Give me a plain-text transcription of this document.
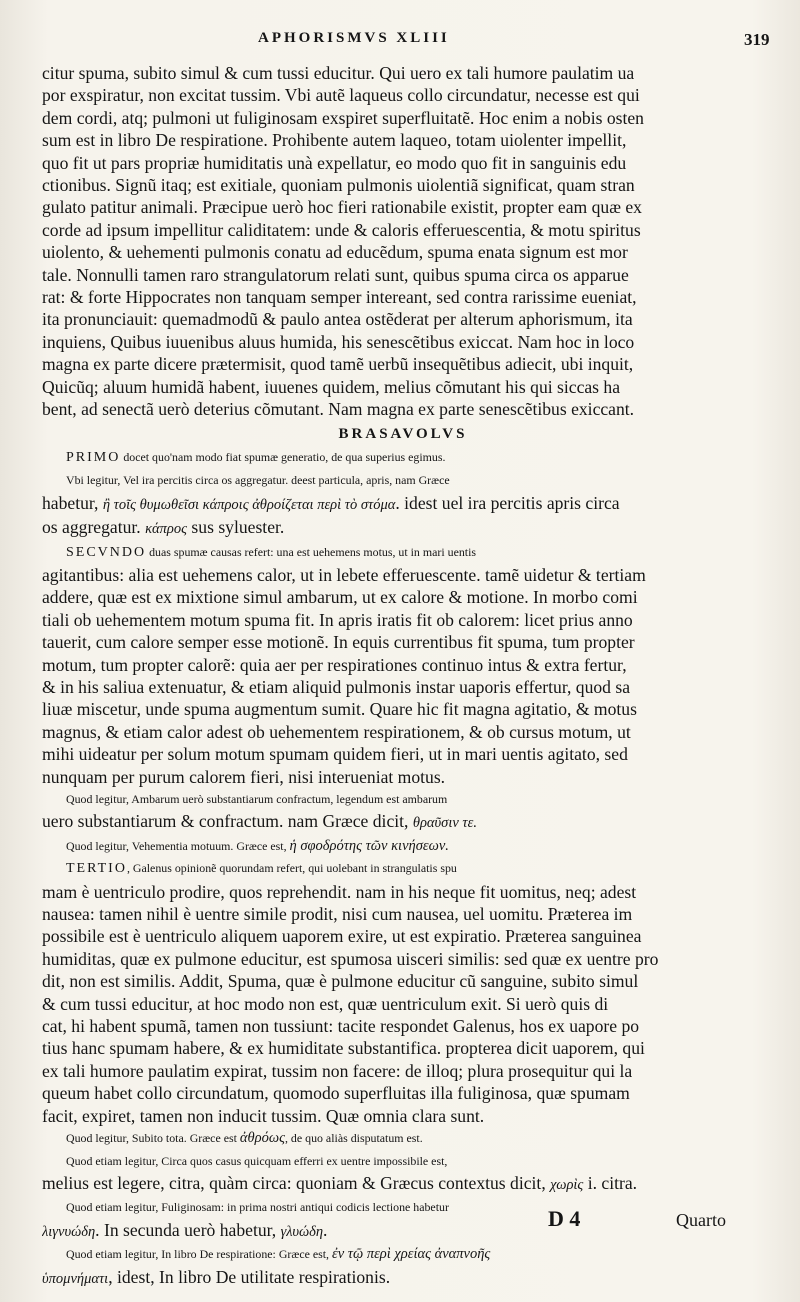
APHORISMVS XLIII	319

citur spuma, subito simul & cum tussi educitur. Qui uero ex tali humore paulatim ua
por exspiratur, non excitat tussim. Vbi autẽ laqueus collo circundatur, necesse est qui
dem cordi, atq; pulmoni ut fuliginosam exspiret superfluitatẽ. Hoc enim a nobis osten
sum est in libro De respiratione. Prohibente autem laqueo, totam uiolenter impellit,
quo fit ut pars propriæ humiditatis unà expellatur, eo modo quo fit in sanguinis edu
ctionibus. Signũ itaq; est exitiale, quoniam pulmonis uiolentiã significat, quam stran
gulato patitur animali. Præcipue uerò hoc fieri rationabile existit, propter eam quæ ex
corde ad ipsum impellitur caliditatem: unde & caloris efferuescentia, & motu spiritus
uiolento, & uehementi pulmonis conatu ad educẽdum, spuma enata signum est mor
tale. Nonnulli tamen raro strangulatorum relati sunt, quibus spuma circa os apparue
rat: & forte Hippocrates non tanquam semper intereant, sed contra rarissime eueniat,
ita pronunciauit: quemadmodũ & paulo antea ostẽderat per alterum aphorismum, ita
inquiens, Quibus iuuenibus aluus humida, his senescẽtibus exiccat. Nam hoc in loco
magna ex parte dicere prætermisit, quod tamẽ uerbũ insequẽtibus adiecit, ubi inquit,
Quicũq; aluum humidã habent, iuuenes quidem, melius cõmutant his qui siccas ha
bent, ad senectã uerò deterius cõmutant. Nam magna ex parte senescẽtibus exiccant.

BRASAVOLVS

PRIMO docet quo'nam modo fiat spumæ generatio, de qua superius egimus.

Vbi legitur, Vel ira percitis circa os aggregatur. deest particula, apris, nam Græce
habetur, ἢ τοῖς θυμωθεῖσι κάπροις ἀθροίζεται περὶ τὸ στόμα. idest uel ira percitis apris circa
os aggregatur. κάπρος sus syluester.

SECVNDO duas spumæ causas refert: una est uehemens motus, ut in mari uentis
agitantibus: alia est uehemens calor, ut in lebete efferuescente. tamẽ uidetur & tertiam
addere, quæ est ex mixtione simul ambarum, ut ex calore & motione. In morbo comi
tiali ob uehementem motum spuma fit. In apris iratis fit ob calorem: licet prius anno
tauerit, cum calore semper esse motionẽ. In equis currentibus fit spuma, tum propter
motum, tum propter calorẽ: quia aer per respirationes continuo intus & extra fertur,
& in his saliua extenuatur, & etiam aliquid pulmonis instar uaporis effertur, quod sa
liuæ miscetur, unde spuma augmentum sumit. Quare hic fit magna agitatio, & motus
magnus, & etiam calor adest ob uehementem respirationem, & ob cursus motum, ut
mihi uideatur per solum motum spumam quidem fieri, ut in mari uentis agitato, sed
nunquam per purum calorem fieri, nisi interueniat motus.

Quod legitur, Ambarum uerò substantiarum confractum, legendum est ambarum
uero substantiarum & confractum. nam Græce dicit, θραῦσιν τε.

Quod legitur, Vehementia motuum. Græce est, ἡ σφοδρότης τῶν κινήσεων.

TERTIO, Galenus opinionẽ quorundam refert, qui uolebant in strangulatis spu
mam è uentriculo prodire, quos reprehendit. nam in his neque fit uomitus, neq; adest
nausea: tamen nihil è uentre simile prodit, nisi cum nausea, uel uomitu. Præterea im
possibile est è uentriculo aliquem uaporem exire, ut est expiratio. Præterea sanguinea
humiditas, quæ ex pulmone educitur, est spumosa uisceri similis: sed quæ ex uentre pro
dit, non est similis. Addit, Spuma, quæ è pulmone educitur cũ sanguine, subito simul
& cum tussi educitur, at hoc modo non est, quæ uentriculum exit. Si uerò quis di
cat, hi habent spumã, tamen non tussiunt: tacite respondet Galenus, hos ex uapore po
tius hanc spumam habere, & ex humiditate substantifica. propterea dicit uaporem, qui
ex tali humore paulatim expirat, tussim non facere: de illoq; plura prosequitur qui la
queum habet collo circundatum, quomodo superfluitas illa fuliginosa, quæ spumam
facit, expiret, tamen non inducit tussim. Quæ omnia clara sunt.

Quod legitur, Subito tota. Græce est ἀθρόως, de quo aliàs disputatum est.

Quod etiam legitur, Circa quos casus quicquam efferri ex uentre impossibile est,
melius est legere, citra, quàm circa: quoniam & Græcus contextus dicit, χωρὶς i. citra.

Quod etiam legitur, Fuliginosam: in prima nostri antiqui codicis lectione habetur
λιγνυώδη. In secunda uerò habetur, γλυώδη.

Quod etiam legitur, In libro De respiratione: Græce est, ἐν τῷ περὶ χρείας ἀναπνοῆς
ὑπομνήματι, idest, In libro De utilitate respirationis.

D 4	Quarto
